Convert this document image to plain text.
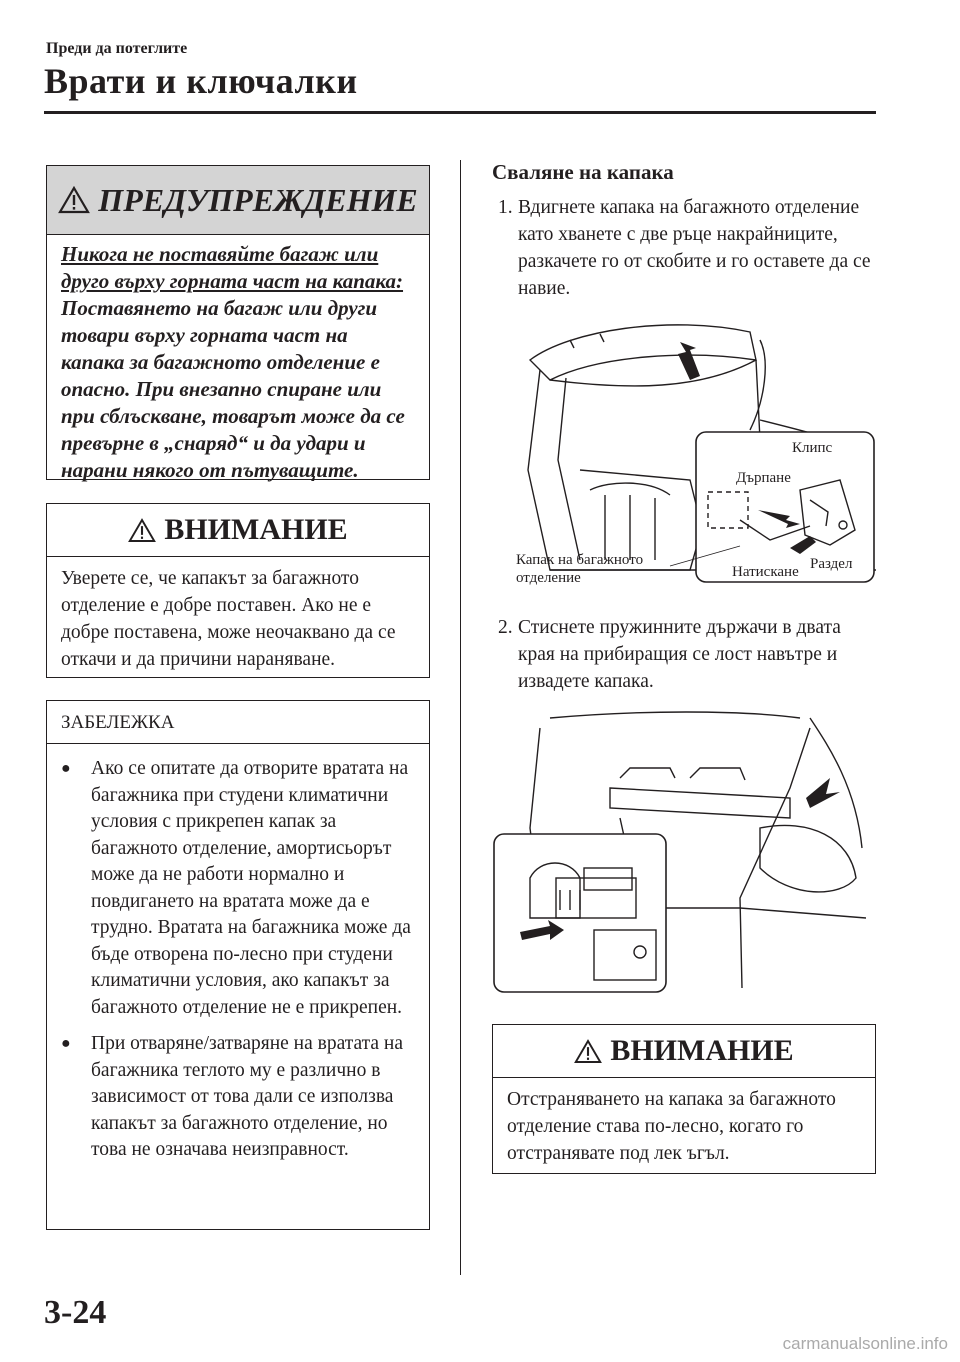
Преди да потеглите
Врати и ключалки
ПРЕДУПРЕЖДЕНИЕ
Никога не поставяйте багаж или
друго върху горната част на капака:
Поставянето на багаж или други товари върху горната част на капака за багажното отделение е опасно. При внезапно спиране или при сблъскване, товарът може да се превърне в „снаряд“ и да удари и нарани някого от пътуващите.
ВНИМАНИЕ
Уверете се, че капакът за багажното отделение е добре поставен. Ако не е добре поставена, може неочаквано да се откачи и да причини нараняване.
ЗАБЕЛЕЖКА
● Ако се опитате да отворите вратата на багажника при студени климатични условия с прикрепен капак за багажното отделение, амортисьорът може да не работи нормално и повдигането на вратата може да е трудно. Вратата на багажника може да бъде отворена по-лесно при студени климатични условия, ако капакът за багажното отделение не е прикрепен.
● При отваряне/затваряне на вратата на багажника теглото му е различно в зависимост от това дали се използва капакът за багажното отделение, но това не означава неизправност.
Сваляне на капака
1. Вдигнете капака на багажното отделение като хванете с две ръце накрайниците, разкачете го от скобите и го оставете да се навие.
Клипс
Дърпане
Капак на багажното
отделение	Натискане Раздел
2. Стиснете пружинните държачи в двата края на прибиращия се лост навътре и извадете капака.
ВНИМАНИЕ
Отстраняването на капака за багажното отделение става по-лесно, когато го отстранявате под лек ъгъл.
3-24
carmanualsonline.info
